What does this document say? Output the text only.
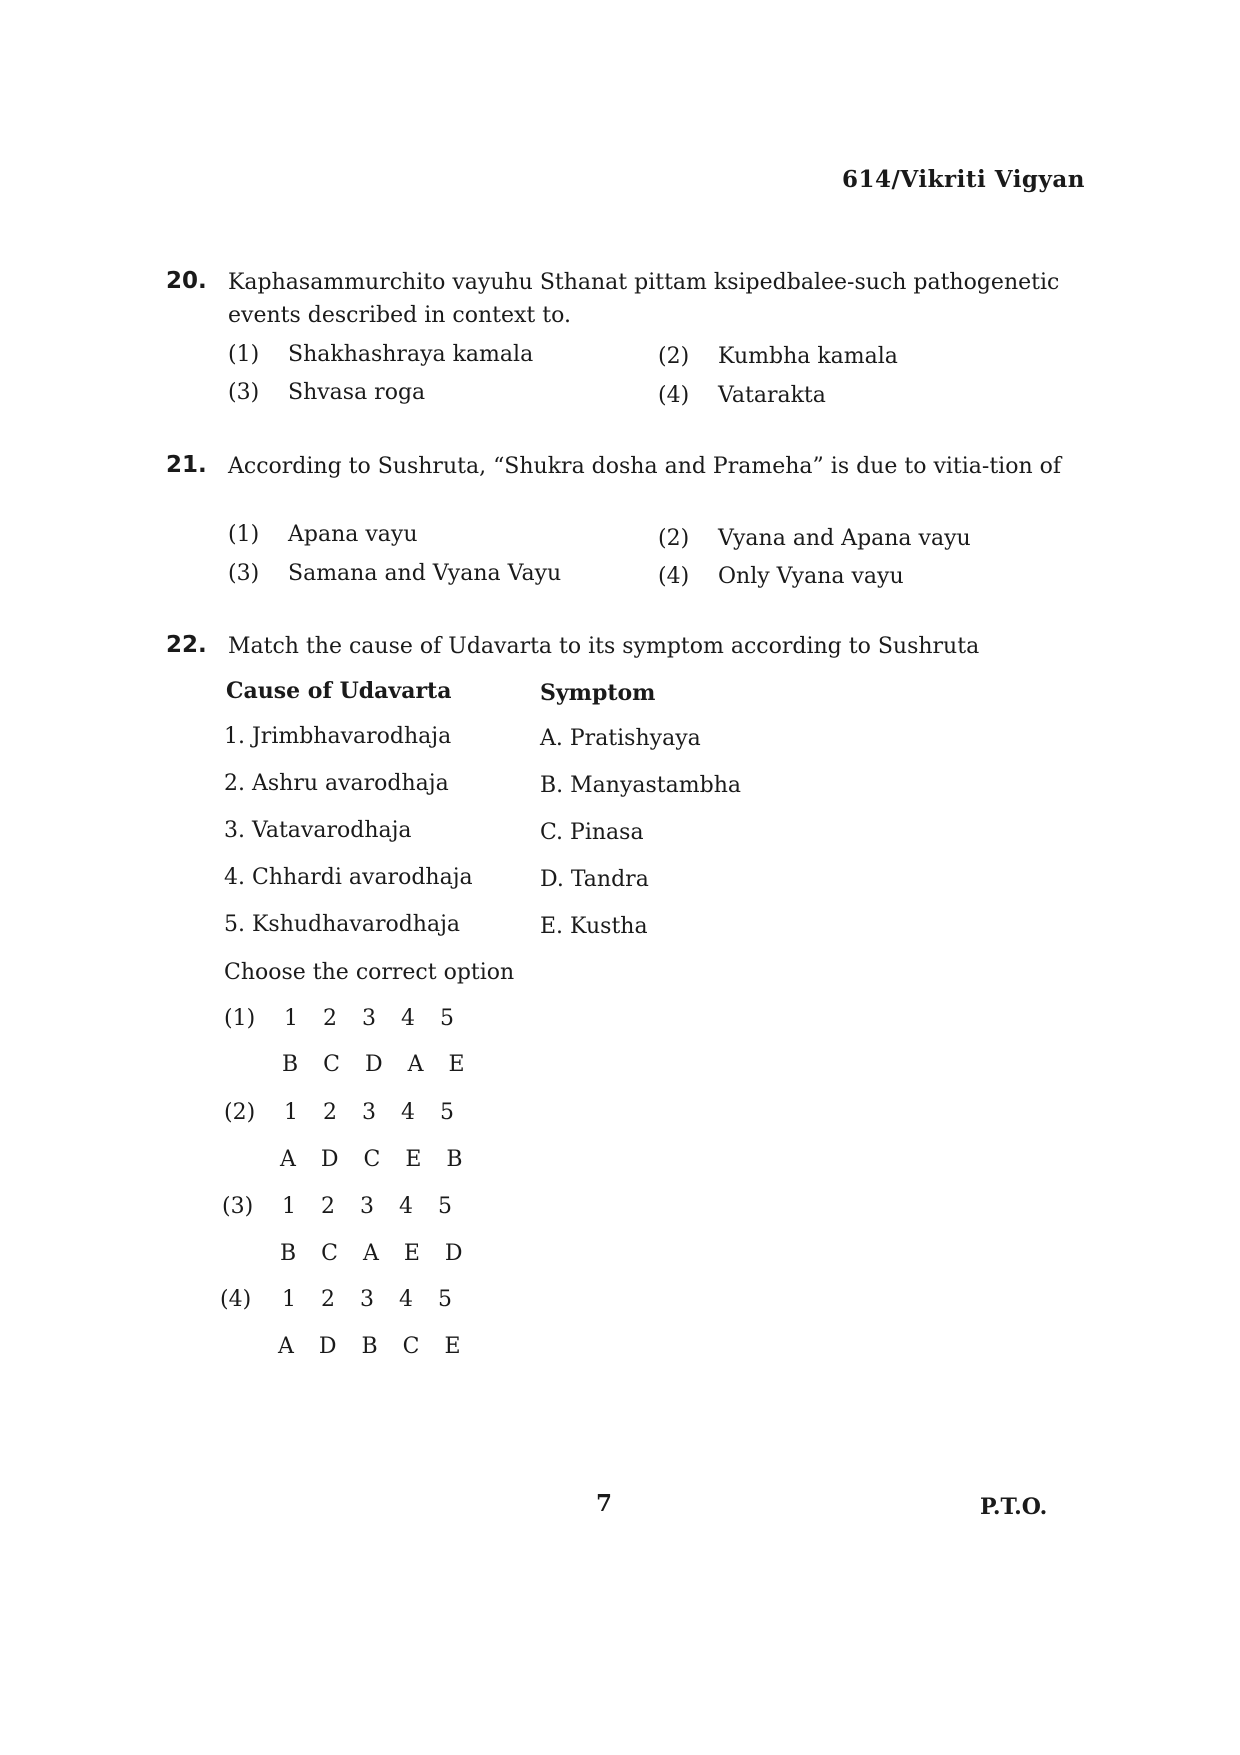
614/Vikriti Vigyan
20. Kaphasammurchito vayuhu Sthanat pittam ksipedbalee-such pathogenetic events described in context to.
(1) Shakhashraya kamala	(2) Kumbha kamala
(3) Shvasa roga	(4) Vatarakta
21. According to Sushruta, “Shukra dosha and Prameha” is due to vitia-tion of
(1) Apana vayu	(2) Vyana and Apana vayu
(3) Samana and Vyana Vayu	(4) Only Vyana vayu
22. Match the cause of Udavarta to its symptom according to Sushruta
Cause of Udavarta	Symptom
1. Jrimbhavarodhaja	A. Pratishyaya
2. Ashru avarodhaja	B. Manyastambha
3. Vatavarodhaja	C. Pinasa
4. Chhardi avarodhaja	D. Tandra
5. Kshudhavarodhaja	E. Kustha
Choose the correct option
(1) 1 2 3 4 5
B C D A E
(2) 1 2 3 4 5
A D C E B
(3) 1 2 3 4 5
B C A E D
(4) 1 2 3 4 5
A D B C E
7	P.T.O.
